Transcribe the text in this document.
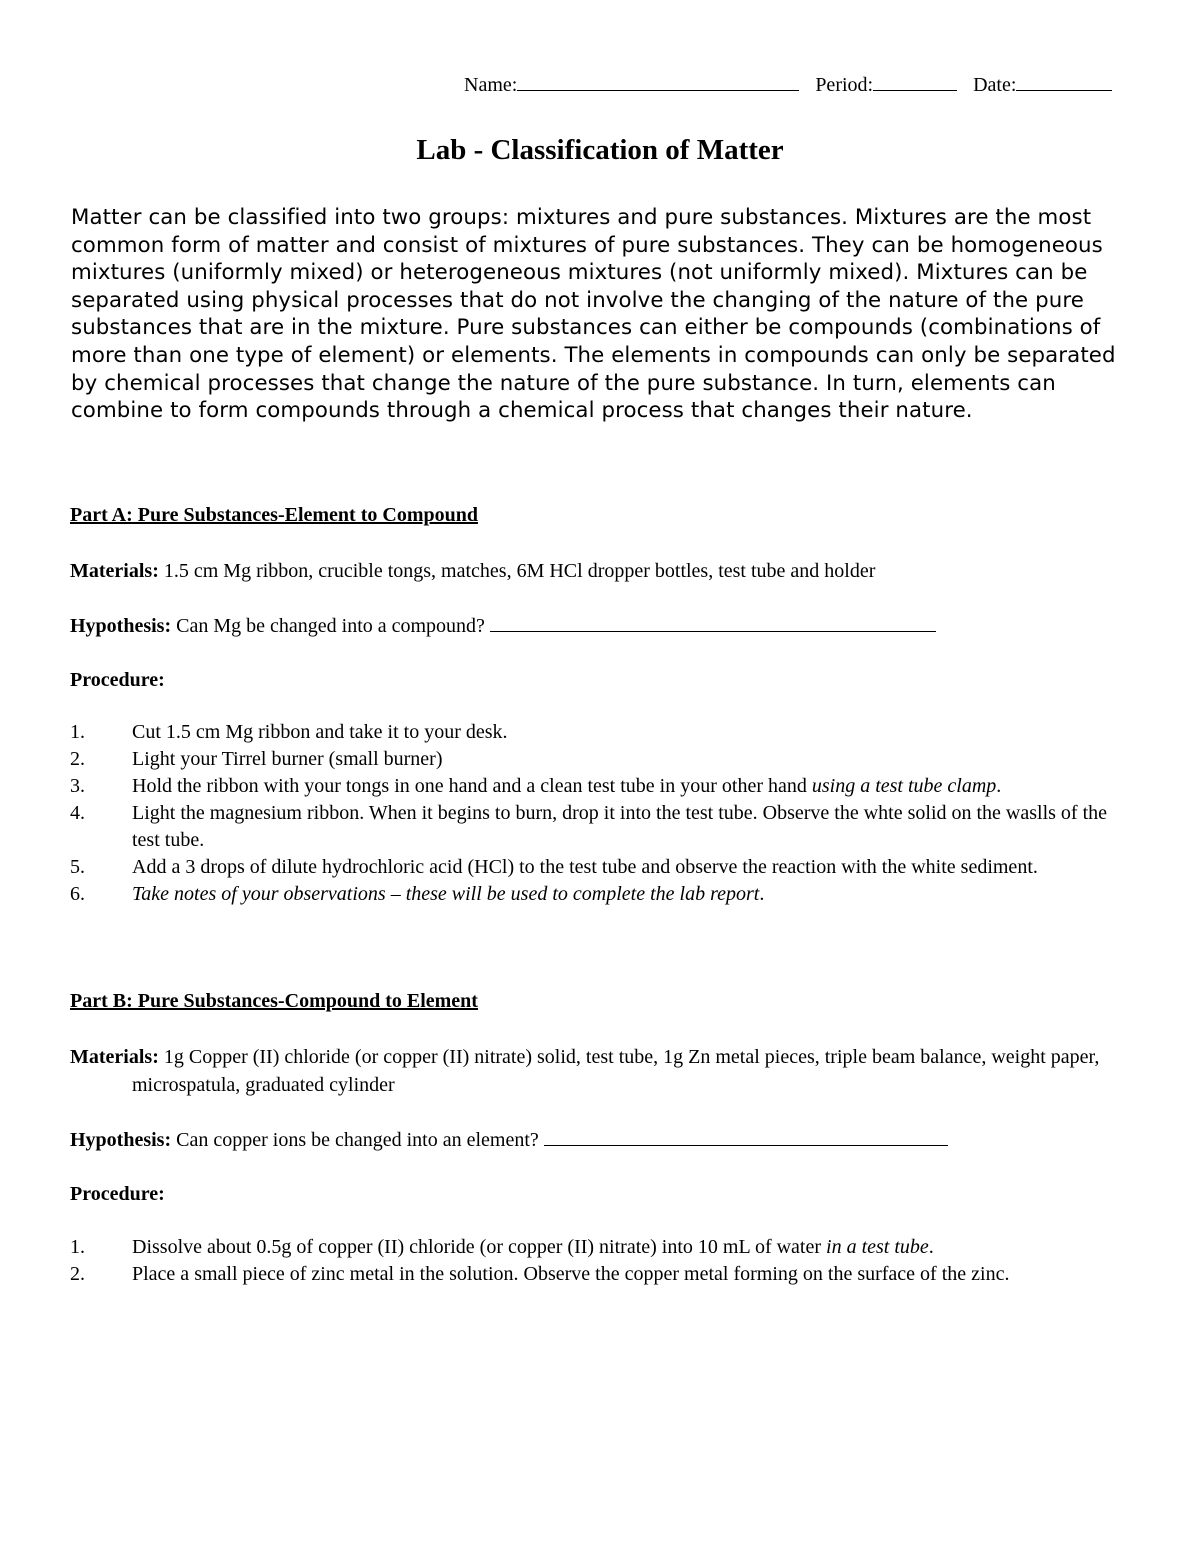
Name:	Period:	Date:
Lab - Classification of Matter
Matter can be classified into two groups: mixtures and pure substances. Mixtures are the most common form of matter and consist of mixtures of pure substances. They can be homogeneous mixtures (uniformly mixed) or heterogeneous mixtures (not uniformly mixed). Mixtures can be separated using physical processes that do not involve the changing of the nature of the pure substances that are in the mixture. Pure substances can either be compounds (combinations of more than one type of element) or elements. The elements in compounds can only be separated by chemical processes that change the nature of the pure substance. In turn, elements can combine to form compounds through a chemical process that changes their nature.
Part A: Pure Substances-Element to Compound
Materials: 1.5 cm Mg ribbon, crucible tongs, matches, 6M HCl dropper bottles, test tube and holder
Hypothesis: Can Mg be changed into a compound?
Procedure:
1. Cut 1.5 cm Mg ribbon and take it to your desk.
2. Light your Tirrel burner (small burner)
3. Hold the ribbon with your tongs in one hand and a clean test tube in your other hand using a test tube clamp.
4. Light the magnesium ribbon. When it begins to burn, drop it into the test tube. Observe the whte solid on the waslls of the test tube.
5. Add a 3 drops of dilute hydrochloric acid (HCl) to the test tube and observe the reaction with the white sediment.
6. Take notes of your observations – these will be used to complete the lab report.
Part B: Pure Substances-Compound to Element
Materials: 1g Copper (II) chloride (or copper (II) nitrate) solid, test tube, 1g Zn metal pieces, triple beam balance, weight paper, microspatula, graduated cylinder
Hypothesis: Can copper ions be changed into an element?
Procedure:
1. Dissolve about 0.5g of copper (II) chloride (or copper (II) nitrate) into 10 mL of water in a test tube.
2. Place a small piece of zinc metal in the solution. Observe the copper metal forming on the surface of the zinc.
